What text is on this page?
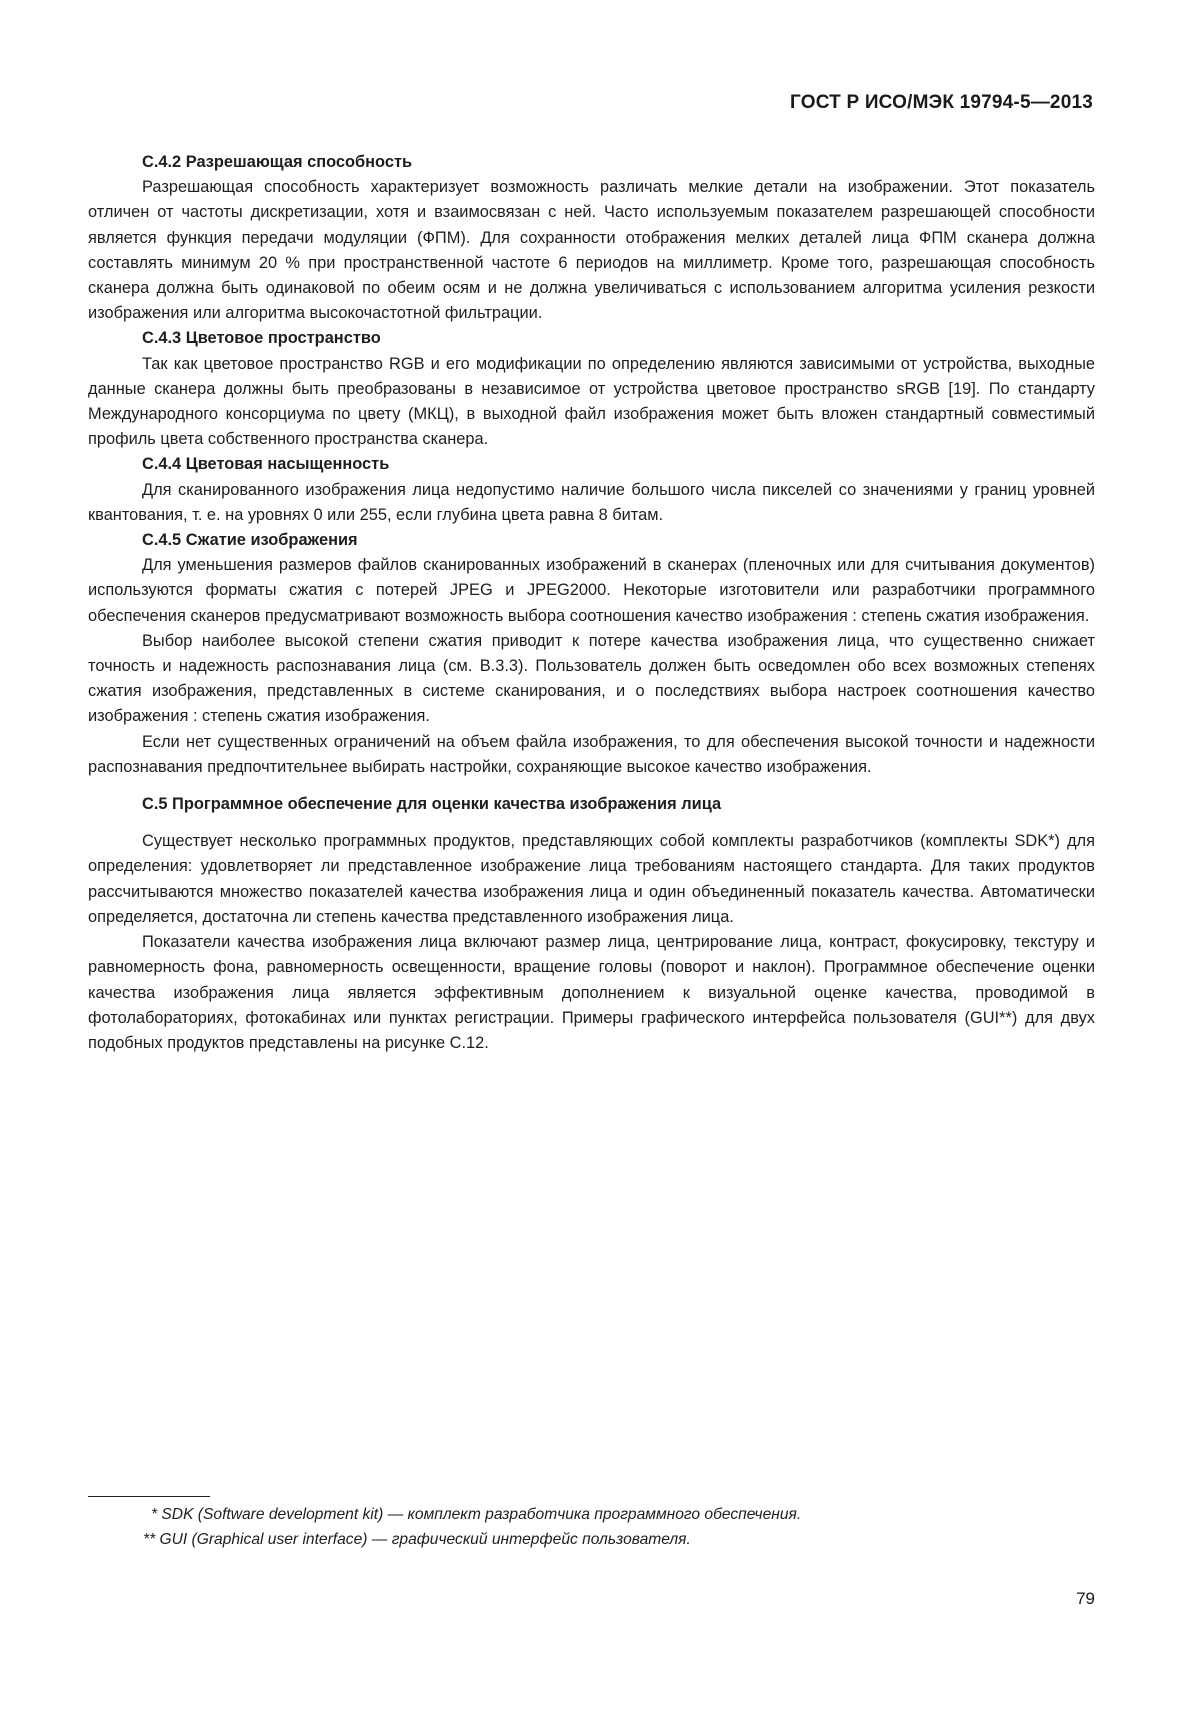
ГОСТ Р ИСО/МЭК 19794-5—2013
С.4.2 Разрешающая способность

Разрешающая способность характеризует возможность различать мелкие детали на изображении. Этот показатель отличен от частоты дискретизации, хотя и взаимосвязан с ней. Часто используемым показателем разрешающей способности является функция передачи модуляции (ФПМ). Для сохранности отображения мелких деталей лица ФПМ сканера должна составлять минимум 20 % при пространственной частоте 6 периодов на миллиметр. Кроме того, разрешающая способность сканера должна быть одинаковой по обеим осям и не должна увеличиваться с использованием алгоритма усиления резкости изображения или алгоритма высокочастотной фильтрации.

С.4.3 Цветовое пространство

Так как цветовое пространство RGB и его модификации по определению являются зависимыми от устройства, выходные данные сканера должны быть преобразованы в независимое от устройства цветовое пространство sRGB [19]. По стандарту Международного консорциума по цвету (МКЦ), в выходной файл изображения может быть вложен стандартный совместимый профиль цвета собственного пространства сканера.

С.4.4 Цветовая насыщенность

Для сканированного изображения лица недопустимо наличие большого числа пикселей со значениями у границ уровней квантования, т. е. на уровнях 0 или 255, если глубина цвета равна 8 битам.

С.4.5 Сжатие изображения

Для уменьшения размеров файлов сканированных изображений в сканерах (пленочных или для считывания документов) используются форматы сжатия с потерей JPEG и JPEG2000. Некоторые изготовители или разработчики программного обеспечения сканеров предусматривают возможность выбора соотношения качество изображения : степень сжатия изображения.

Выбор наиболее высокой степени сжатия приводит к потере качества изображения лица, что существенно снижает точность и надежность распознавания лица (см. В.3.3). Пользователь должен быть осведомлен обо всех возможных степенях сжатия изображения, представленных в системе сканирования, и о последствиях выбора настроек соотношения качество изображения : степень сжатия изображения.

Если нет существенных ограничений на объем файла изображения, то для обеспечения высокой точности и надежности распознавания предпочтительнее выбирать настройки, сохраняющие высокое качество изображения.

С.5 Программное обеспечение для оценки качества изображения лица

Существует несколько программных продуктов, представляющих собой комплекты разработчиков (комплекты SDK*) для определения: удовлетворяет ли представленное изображение лица требованиям настоящего стандарта. Для таких продуктов рассчитываются множество показателей качества изображения лица и один объединенный показатель качества. Автоматически определяется, достаточна ли степень качества представленного изображения лица.

Показатели качества изображения лица включают размер лица, центрирование лица, контраст, фокусировку, текстуру и равномерность фона, равномерность освещенности, вращение головы (поворот и наклон). Программное обеспечение оценки качества изображения лица является эффективным дополнением к визуальной оценке качества, проводимой в фотолабораториях, фотокабинах или пунктах регистрации. Примеры графического интерфейса пользователя (GUI**) для двух подобных продуктов представлены на рисунке С.12.

* SDK (Software development kit) — комплект разработчика программного обеспечения.
** GUI (Graphical user interface) — графический интерфейс пользователя.
79
